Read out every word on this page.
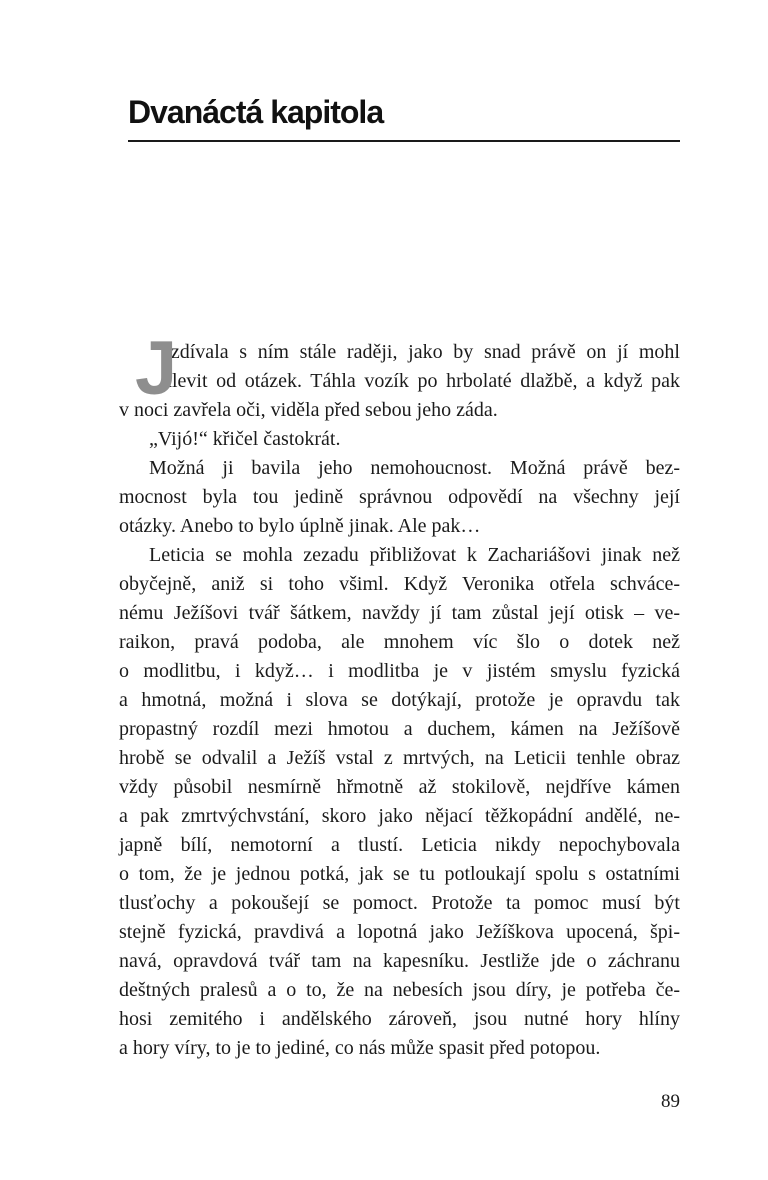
Dvanáctá kapitola
J
ezdívala s ním stále raději, jako by snad právě on jí mohl
ulevit od otázek. Táhla vozík po hrbolaté dlažbě, a když pak
v noci zavřela oči, viděla před sebou jeho záda.
„Vijó!“ křičel častokrát.
Možná ji bavila jeho nemohoucnost. Možná právě bez-
mocnost byla tou jedině správnou odpovědí na všechny její
otázky. Anebo to bylo úplně jinak. Ale pak…
Leticia se mohla zezadu přibližovat k Zachariášovi jinak než
obyčejně, aniž si toho všiml. Když Veronika otřela schváce-
nému Ježíšovi tvář šátkem, navždy jí tam zůstal její otisk – ve-
raikon, pravá podoba, ale mnohem víc šlo o dotek než
o modlitbu, i když… i modlitba je v jistém smyslu fyzická
a hmotná, možná i slova se dotýkají, protože je opravdu tak
propastný rozdíl mezi hmotou a duchem, kámen na Ježíšově
hrobě se odvalil a Ježíš vstal z mrtvých, na Leticii tenhle obraz
vždy působil nesmírně hřmotně až stokilově, nejdříve kámen
a pak zmrtvýchvstání, skoro jako nějací těžkopádní andělé, ne-
japně bílí, nemotorní a tlustí. Leticia nikdy nepochybovala
o tom, že je jednou potká, jak se tu potloukají spolu s ostatními
tlusťochy a pokoušejí se pomoct. Protože ta pomoc musí být
stejně fyzická, pravdivá a lopotná jako Ježíškova upocená, špi-
navá, opravdová tvář tam na kapesníku. Jestliže jde o záchranu
deštných pralesů a o to, že na nebesích jsou díry, je potřeba če-
hosi zemitého i andělského zároveň, jsou nutné hory hlíny
a hory víry, to je to jediné, co nás může spasit před potopou.
89
